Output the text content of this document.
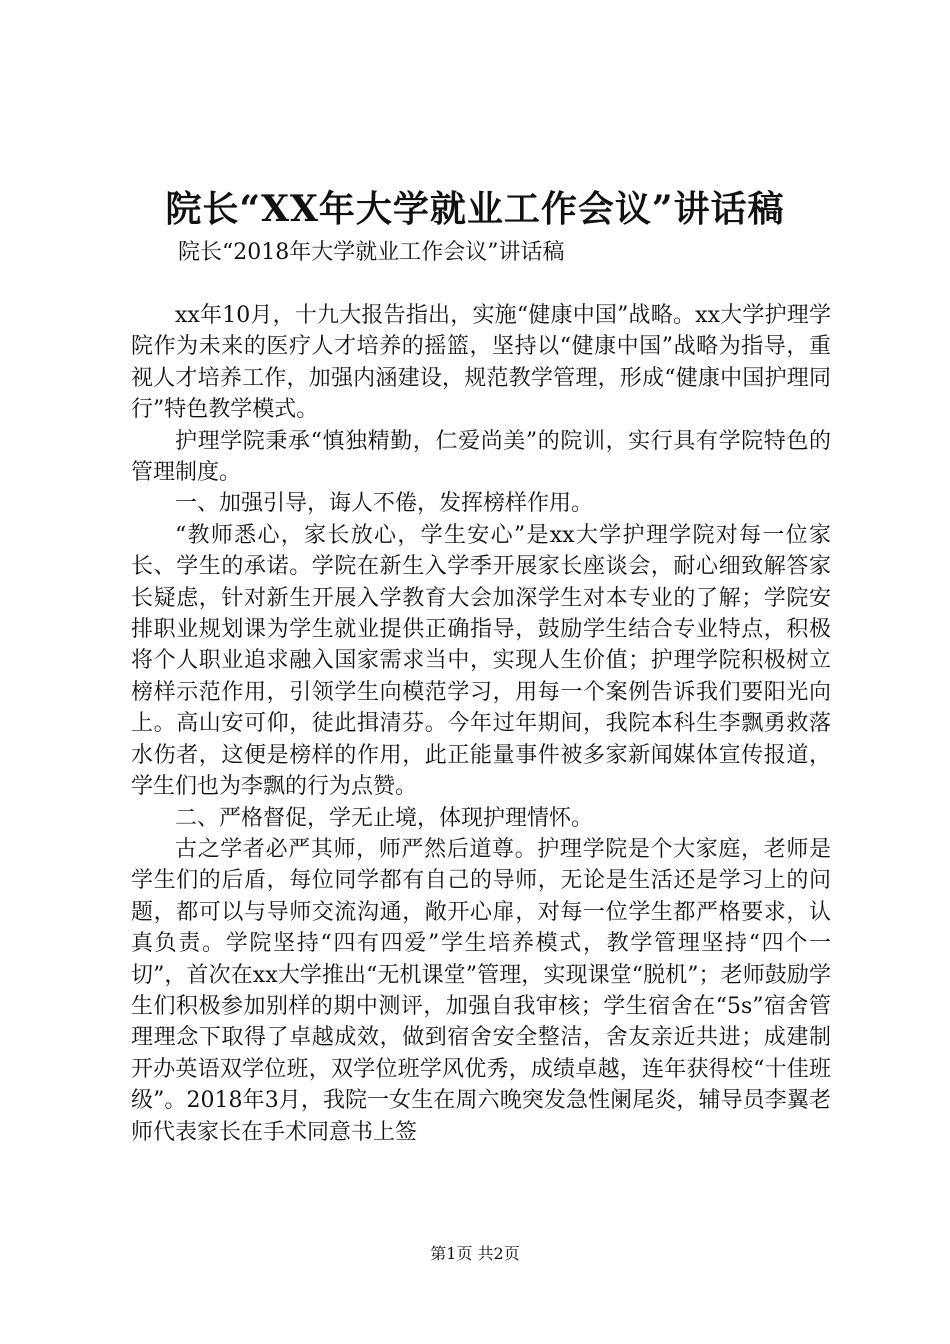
院长“XX年大学就业工作会议”讲话稿
院长“2018年大学就业工作会议”讲话稿

xx年10月，十九大报告指出，实施“健康中国”战略。xx大学护理学院作为未来的医疗人才培养的摇篮，坚持以“健康中国”战略为指导，重视人才培养工作，加强内涵建设，规范教学管理，形成“健康中国护理同行”特色教学模式。

护理学院秉承“慎独精勤，仁爱尚美”的院训，实行具有学院特色的管理制度。

一、加强引导，诲人不倦，发挥榜样作用。

“教师悉心，家长放心，学生安心”是xx大学护理学院对每一位家长、学生的承诺。学院在新生入学季开展家长座谈会，耐心细致解答家长疑虑，针对新生开展入学教育大会加深学生对本专业的了解；学院安排职业规划课为学生就业提供正确指导，鼓励学生结合专业特点，积极将个人职业追求融入国家需求当中，实现人生价值；护理学院积极树立榜样示范作用，引领学生向模范学习，用每一个案例告诉我们要阳光向上。高山安可仰，徒此揖清芬。今年过年期间，我院本科生李飘勇救落水伤者，这便是榜样的作用，此正能量事件被多家新闻媒体宣传报道，学生们也为李飘的行为点赞。

二、严格督促，学无止境，体现护理情怀。

古之学者必严其师，师严然后道尊。护理学院是个大家庭，老师是学生们的后盾，每位同学都有自己的导师，无论是生活还是学习上的问题，都可以与导师交流沟通，敞开心扉，对每一位学生都严格要求，认真负责。学院坚持“四有四爱”学生培养模式，教学管理坚持“四个一切”，首次在xx大学推出“无机课堂”管理，实现课堂“脱机”；老师鼓励学生们积极参加别样的期中测评，加强自我审核；学生宿舍在“5s”宿舍管理理念下取得了卓越成效，做到宿舍安全整洁，舍友亲近共进；成建制开办英语双学位班，双学位班学风优秀，成绩卓越，连年获得校“十佳班级”。2018年3月，我院一女生在周六晚突发急性阑尾炎，辅导员李翼老师代表家长在手术同意书上签

第1页 共2页
